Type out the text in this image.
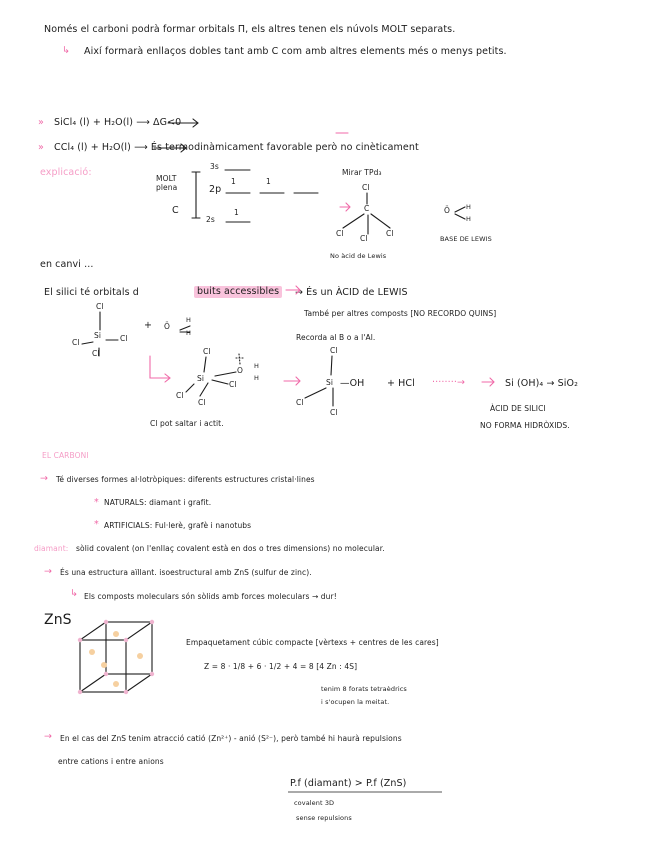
Només el carboni podrà formar orbitals Π, els altres tenen els núvols MOLT separats.
↳ Així formarà enllaços dobles tant amb C com amb altres elements més o menys petits.
» SiCl₄ (l) + H₂O(l) ⟶ ΔG<0
» CCl₄ (l) + H₂O(l) ⟶ És termodinàmicament favorable però no cinèticament
explicació:
MOLT plena
C
3s
2p
2s
1	1
1
Mirar TPd₃
No àcid de Lewis
BASE DE LEWIS
en canvi ...
El silici té orbitals d	buits accessibles	→ És un ÀCID de LEWIS
També per altres composts [NO RECORDO QUINS]
Recorda al B o a l'Al.
+ HCl ········→	Si (OH)₄ → SiO₂
ÀCID DE SILICI
NO FORMA HIDRÒXIDS.
—OH
Cl pot saltar i actit.
EL CARBONI
→ Té diverses formes al·lotròpiques: diferents estructures cristal·lines
* NATURALS: diamant i grafit.
* ARTIFICIALS: Ful·lerè, grafè i nanotubs
diamant: sòlid covalent (on l'enllaç covalent està en dos o tres dimensions) no molecular.
→ És una estructura aïllant. isoestructural amb ZnS (sulfur de zinc).
↳ Els composts moleculars són sòlids amb forces moleculars → dur!
ZnS
Empaquetament cúbic compacte [vèrtexs + centres de les cares]
Z = 8 · 1/8 + 6 · 1/2 + 4 = 8 [4 Zn : 4S]
tenim 8 forats tetraèdrics
i s'ocupen la meitat.
→ En el cas del ZnS tenim atracció catió (Zn²⁺) - anió (S²⁻), però també hi haurà repulsions
entre cations i entre anions
P.f (diamant) > P.f (ZnS)
covalent 3D
sense repulsions
Cl
C
Cl
Cl
Cl
Ö H
H
Cl
Si
Cl
Cl
Cl
+ Ö
H
H
Cl
Si
O H
H
Cl
Cl
Cl
Cl
Si
Cl
Cl
